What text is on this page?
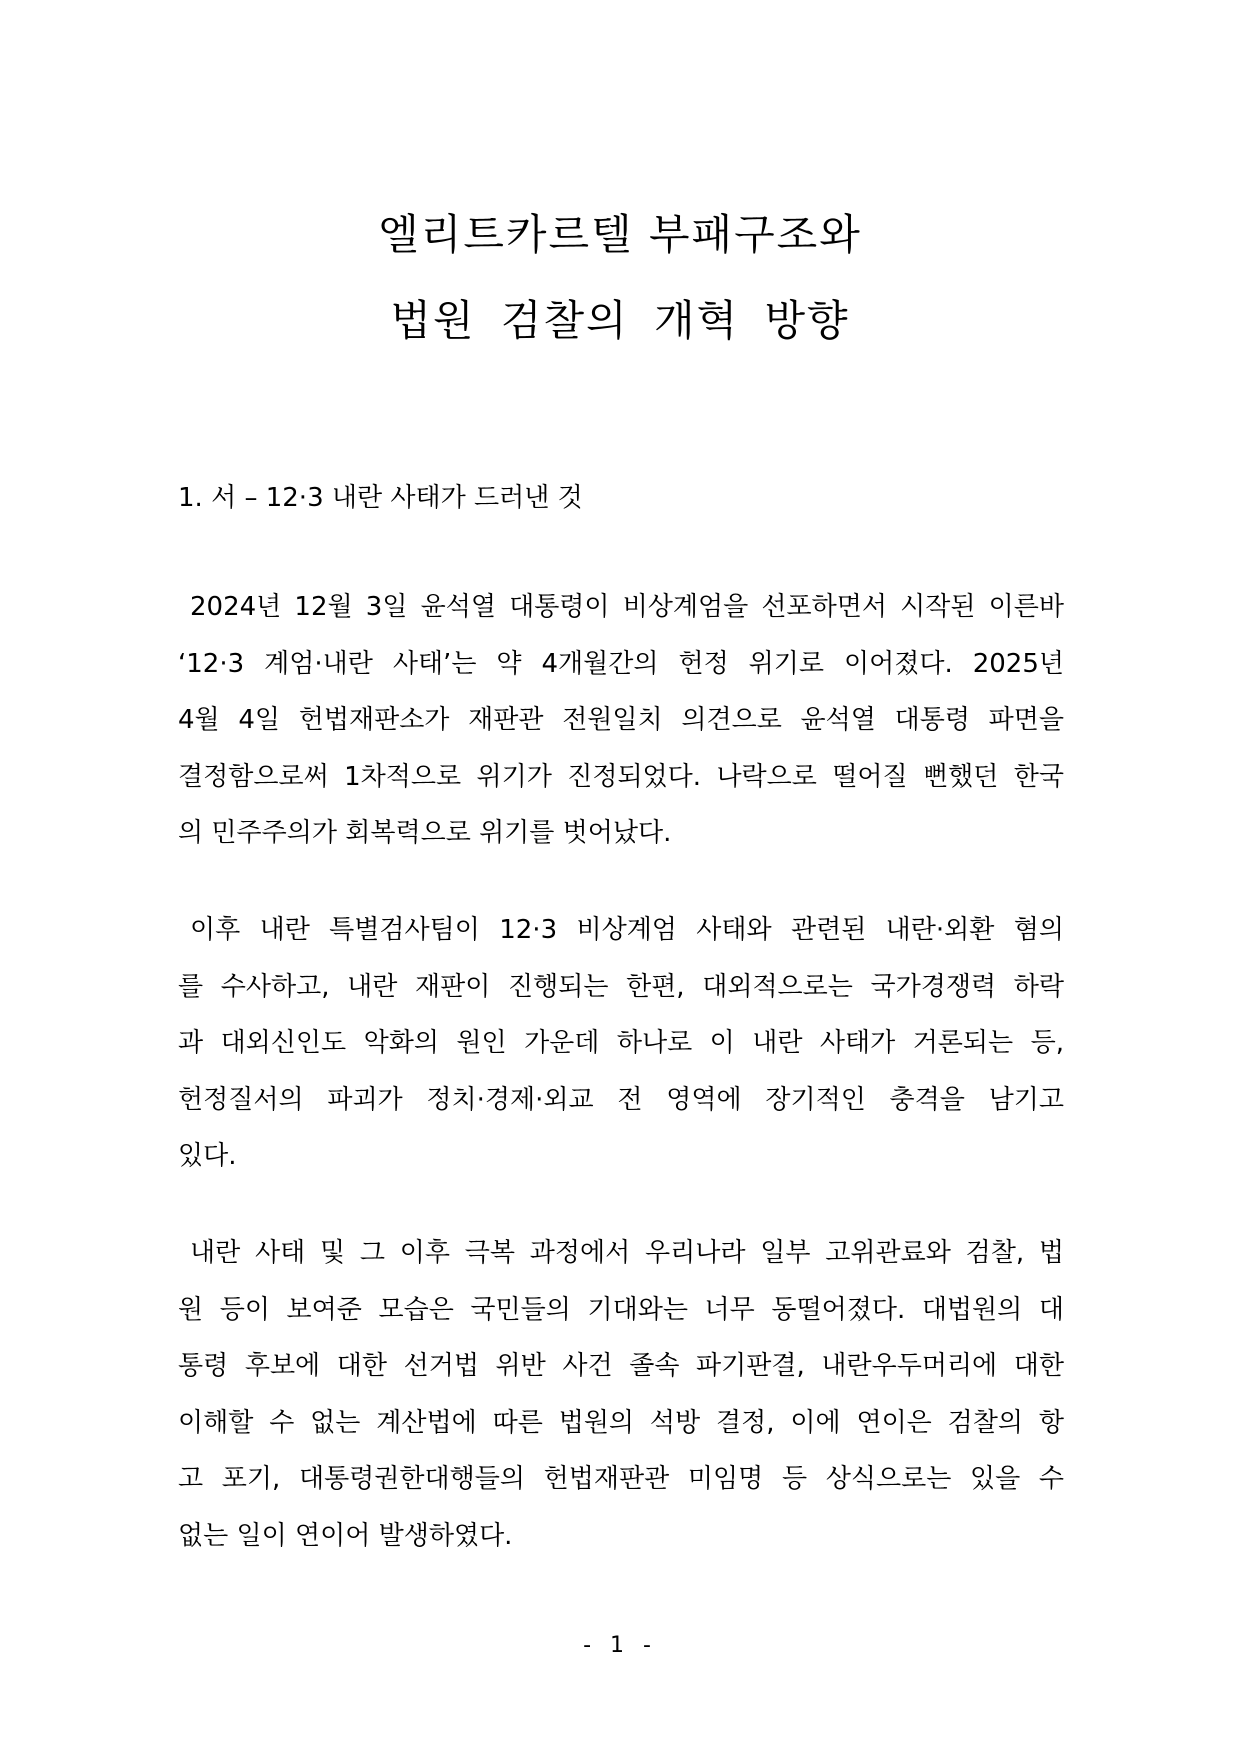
엘리트카르텔 부패구조와
법원 검찰의 개혁 방향
1. 서 – 12·3 내란 사태가 드러낸 것
2024년 12월 3일 윤석열 대통령이 비상계엄을 선포하면서 시작된 이른바
‘12·3 계엄·내란 사태’는 약 4개월간의 헌정 위기로 이어졌다. 2025년
4월 4일 헌법재판소가 재판관 전원일치 의견으로 윤석열 대통령 파면을
결정함으로써 1차적으로 위기가 진정되었다. 나락으로 떨어질 뻔했던 한국
의 민주주의가 회복력으로 위기를 벗어났다.
이후 내란 특별검사팀이 12·3 비상계엄 사태와 관련된 내란·외환 혐의
를 수사하고, 내란 재판이 진행되는 한편, 대외적으로는 국가경쟁력 하락
과 대외신인도 악화의 원인 가운데 하나로 이 내란 사태가 거론되는 등,
헌정질서의 파괴가 정치·경제·외교 전 영역에 장기적인 충격을 남기고
있다.
내란 사태 및 그 이후 극복 과정에서 우리나라 일부 고위관료와 검찰, 법
원 등이 보여준 모습은 국민들의 기대와는 너무 동떨어졌다. 대법원의 대
통령 후보에 대한 선거법 위반 사건 졸속 파기판결, 내란우두머리에 대한
이해할 수 없는 계산법에 따른 법원의 석방 결정, 이에 연이은 검찰의 항
고 포기, 대통령권한대행들의 헌법재판관 미임명 등 상식으로는 있을 수
없는 일이 연이어 발생하였다.
- 1 -
